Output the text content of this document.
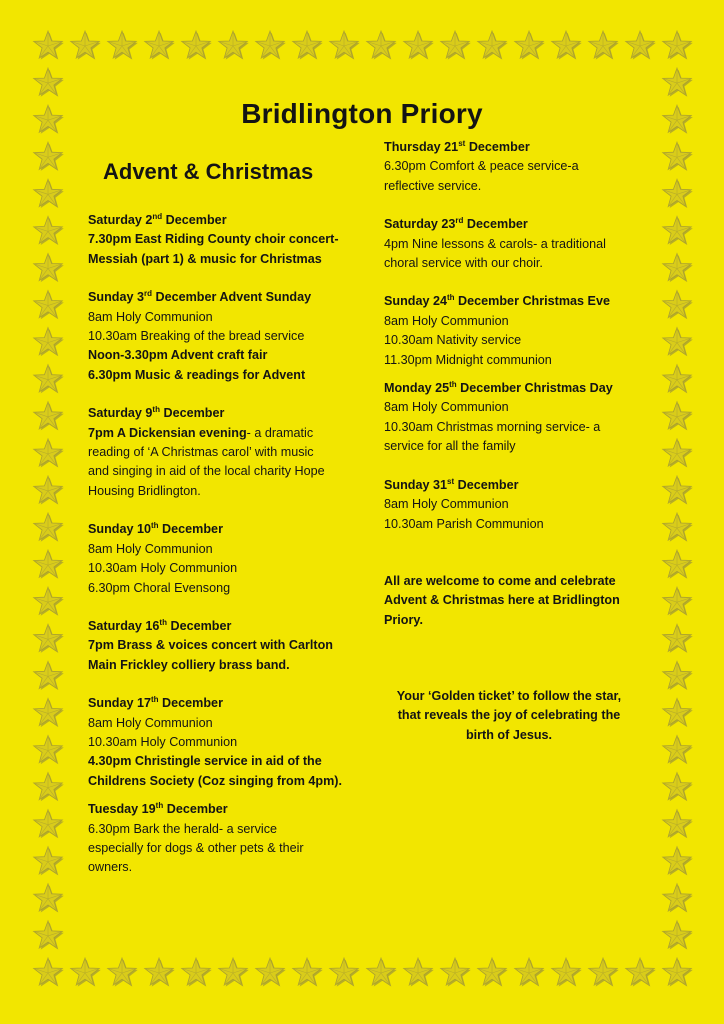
Bridlington Priory
Advent & Christmas
Saturday 2nd December
7.30pm East Riding County choir concert-
Messiah (part 1) & music for Christmas
Sunday 3rd December Advent Sunday
8am Holy Communion
10.30am Breaking of the bread service
Noon-3.30pm Advent craft fair
6.30pm Music & readings for Advent
Saturday 9th December
7pm A Dickensian evening- a dramatic
reading of ‘A Christmas carol’ with music
and singing in aid of the local charity Hope
Housing Bridlington.
Sunday 10th December
8am Holy Communion
10.30am Holy Communion
6.30pm Choral Evensong
Saturday 16th December
7pm Brass & voices concert with Carlton
Main Frickley colliery brass band.
Sunday 17th December
8am Holy Communion
10.30am Holy Communion
4.30pm Christingle service in aid of the
Childrens Society (Coz singing from 4pm).
Tuesday 19th December
6.30pm Bark the herald- a service
especially for dogs & other pets & their
owners.
Thursday 21st December
6.30pm Comfort & peace service-a
reflective service.
Saturday 23rd December
4pm Nine lessons & carols- a traditional
choral service with our choir.
Sunday 24th December Christmas Eve
8am Holy Communion
10.30am Nativity service
11.30pm Midnight communion
Monday 25th December Christmas Day
8am Holy Communion
10.30am Christmas morning service- a
service for all the family
Sunday 31st December
8am Holy Communion
10.30am Parish Communion
All are welcome to come and celebrate
Advent & Christmas here at Bridlington
Priory.
Your ‘Golden ticket’ to follow the star,
that reveals the joy of celebrating the
birth of Jesus.
